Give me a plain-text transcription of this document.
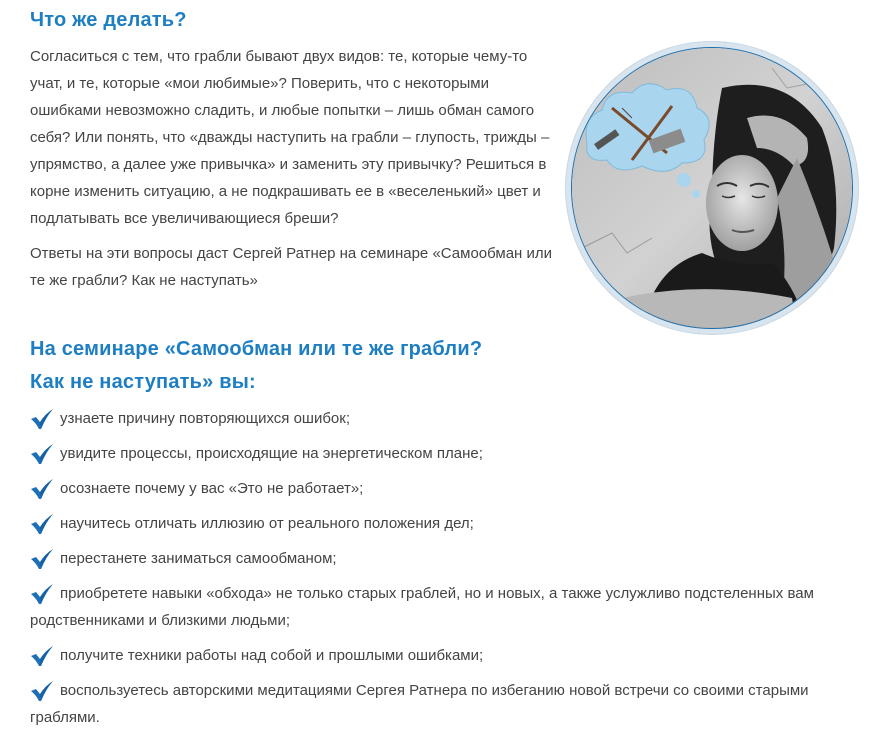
Что же делать?

Согласиться с тем, что грабли бывают двух видов: те, которые чему-то учат, и те, которые «мои любимые»? Поверить, что с некоторыми ошибками невозможно сладить, и любые попытки – лишь обман самого себя? Или понять, что «дважды наступить на грабли – глупость, трижды – упрямство, а далее уже привычка» и заменить эту привычку? Решиться в корне изменить ситуацию, а не подкрашивать ее в «веселенький» цвет и подлатывать все увеличивающиеся бреши?

Ответы на эти вопросы даст Сергей Ратнер на семинаре «Самообман или те же грабли? Как не наступать»

На семинаре «Самообман или те же грабли?
Как не наступать» вы:
узнаете причину повторяющихся ошибок;
увидите процессы, происходящие на энергетическом плане;
осознаете почему у вас «Это не работает»;
научитесь отличать иллюзию от реального положения дел;
перестанете заниматься самообманом;
приобретете навыки «обхода» не только старых граблей, но и новых, а также услужливо подстеленных вам родственниками и близкими людьми;
получите техники работы над собой и прошлыми ошибками;
воспользуетесь авторскими медитациями Сергея Ратнера по избеганию новой встречи со своими старыми граблями.
